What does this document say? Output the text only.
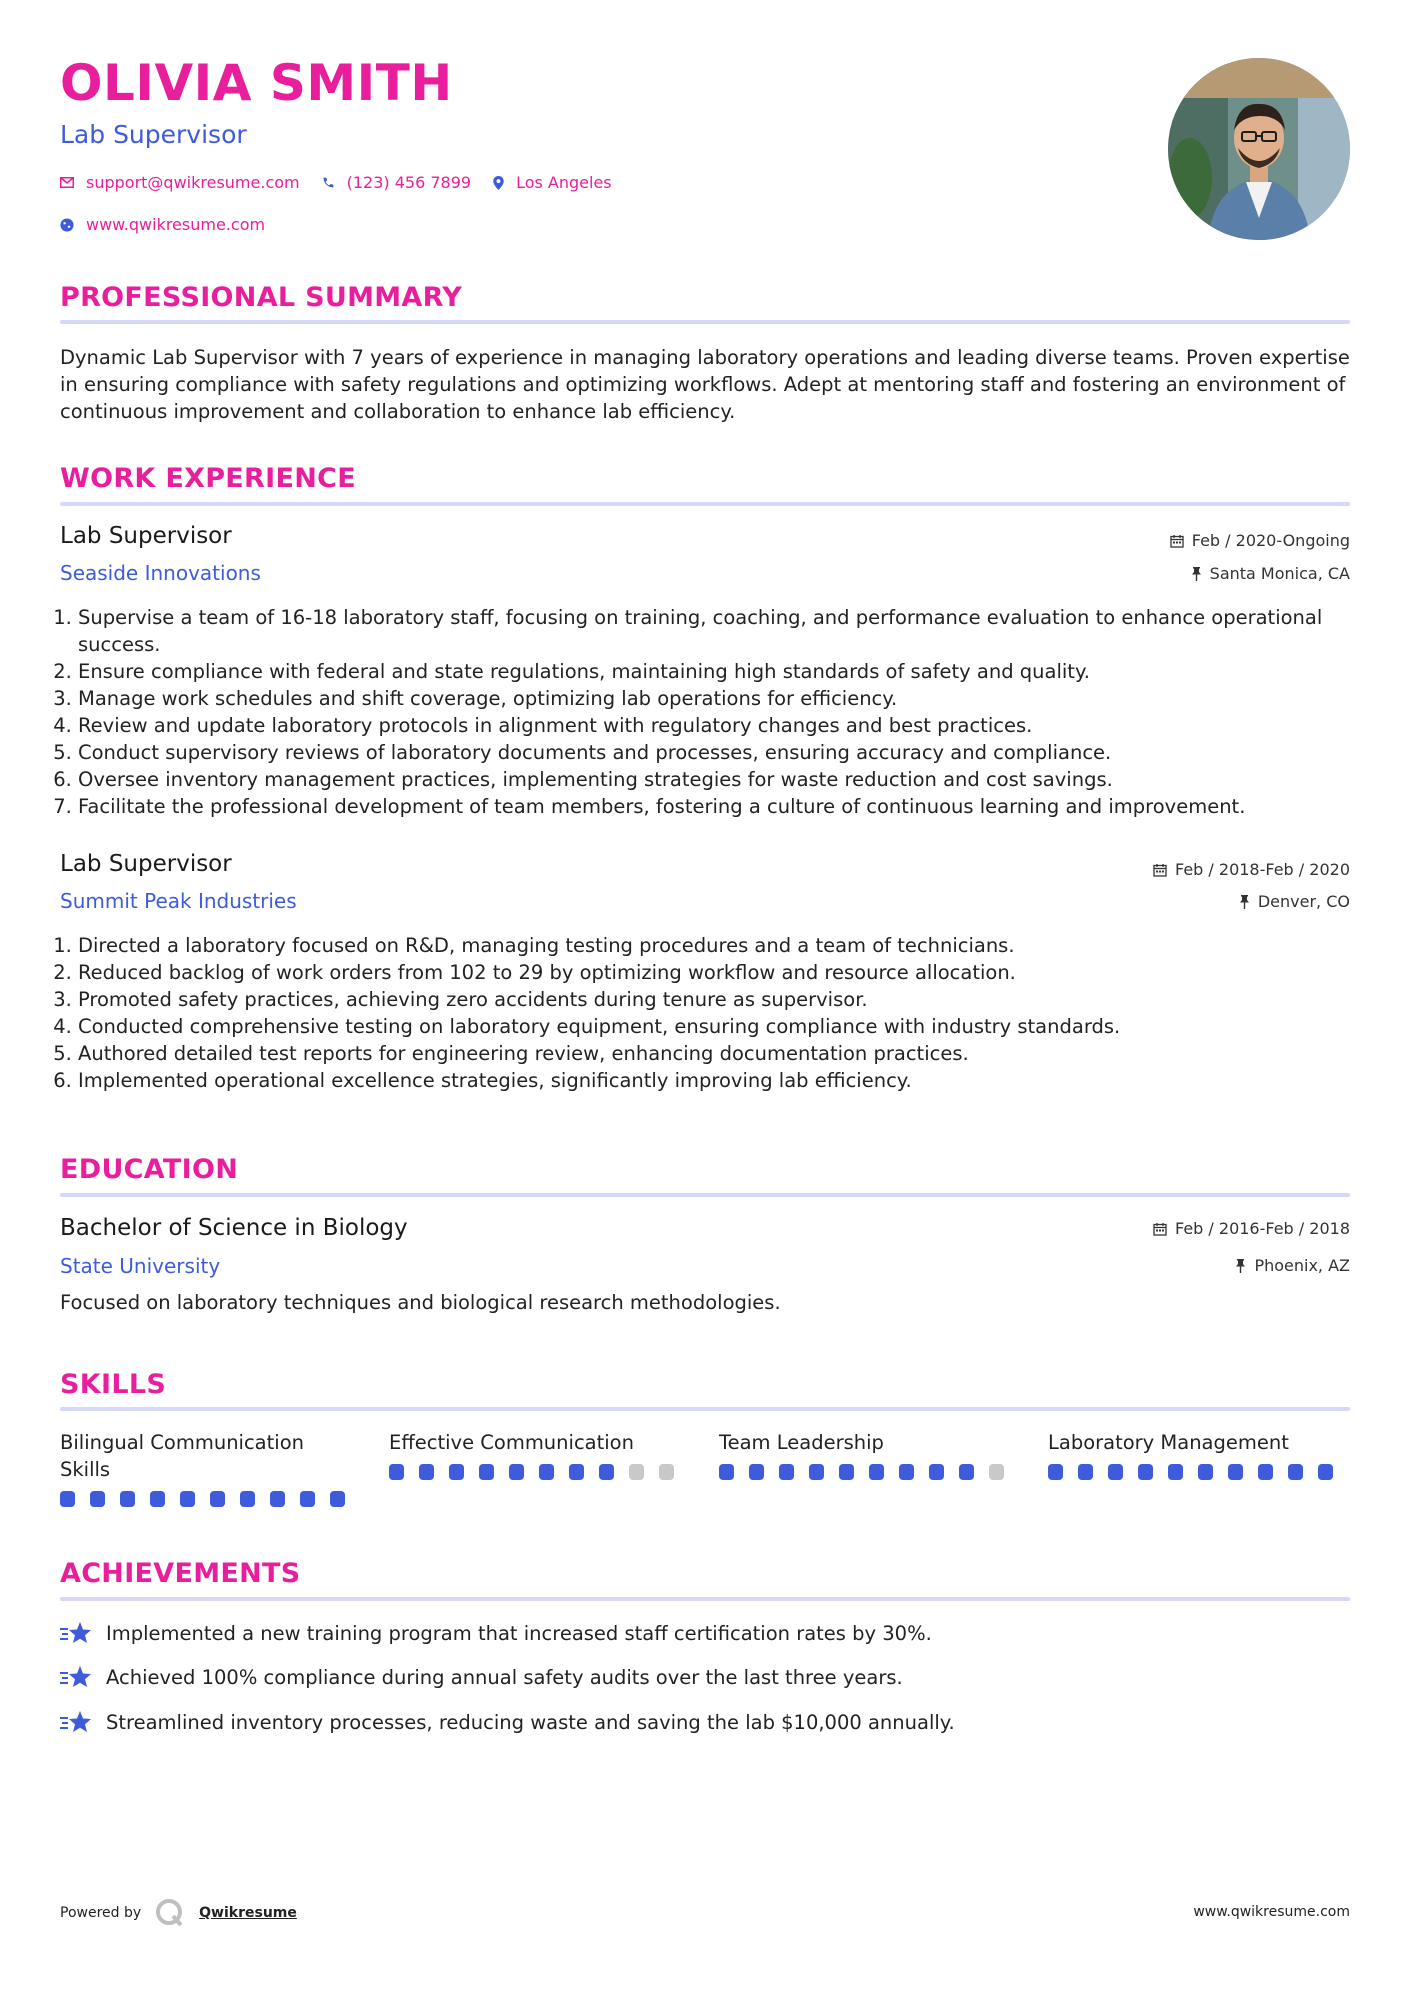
OLIVIA SMITH
Lab Supervisor
support@qwikresume.com	(123) 456 7899	Los Angeles
www.qwikresume.com
PROFESSIONAL SUMMARY

Dynamic Lab Supervisor with 7 years of experience in managing laboratory operations and leading diverse teams. Proven expertise in ensuring compliance with safety regulations and optimizing workflows. Adept at mentoring staff and fostering an environment of continuous improvement and collaboration to enhance lab efficiency.

WORK EXPERIENCE
Lab Supervisor
Seaside Innovations
Feb / 2020-Ongoing
Santa Monica, CA
1. Supervise a team of 16-18 laboratory staff, focusing on training, coaching, and performance evaluation to enhance operational success.
2. Ensure compliance with federal and state regulations, maintaining high standards of safety and quality.
3. Manage work schedules and shift coverage, optimizing lab operations for efficiency.
4. Review and update laboratory protocols in alignment with regulatory changes and best practices.
5. Conduct supervisory reviews of laboratory documents and processes, ensuring accuracy and compliance.
6. Oversee inventory management practices, implementing strategies for waste reduction and cost savings.
7. Facilitate the professional development of team members, fostering a culture of continuous learning and improvement.
Lab Supervisor
Summit Peak Industries
Feb / 2018-Feb / 2020
Denver, CO
1. Directed a laboratory focused on R&D, managing testing procedures and a team of technicians.
2. Reduced backlog of work orders from 102 to 29 by optimizing workflow and resource allocation.
3. Promoted safety practices, achieving zero accidents during tenure as supervisor.
4. Conducted comprehensive testing on laboratory equipment, ensuring compliance with industry standards.
5. Authored detailed test reports for engineering review, enhancing documentation practices.
6. Implemented operational excellence strategies, significantly improving lab efficiency.
EDUCATION
Bachelor of Science in Biology
State University
Feb / 2016-Feb / 2018
Phoenix, AZ

Focused on laboratory techniques and biological research methodologies.

SKILLS
Bilingual Communication Skills
Effective Communication	Team Leadership	Laboratory Management
ACHIEVEMENTS
Implemented a new training program that increased staff certification rates by 30%.
Achieved 100% compliance during annual safety audits over the last three years.
Streamlined inventory processes, reducing waste and saving the lab $10,000 annually.
Powered by	Qwikresume	www.qwikresume.com
